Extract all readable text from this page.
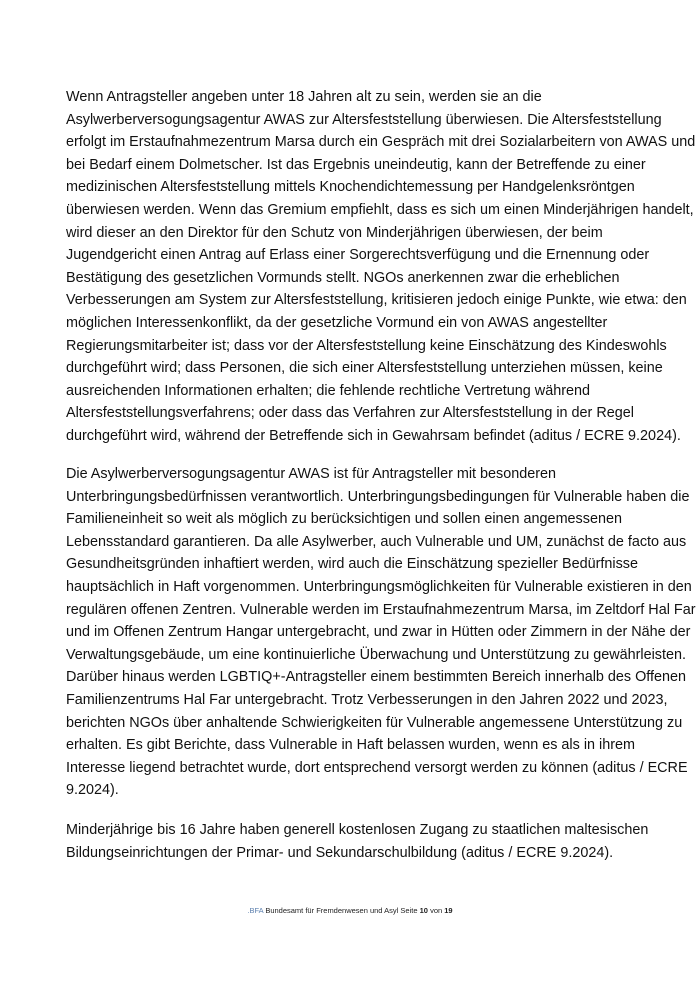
Wenn Antragsteller angeben unter 18 Jahren alt zu sein, werden sie an die
Asylwerberversogungsagentur AWAS zur Altersfeststellung überwiesen. Die Altersfeststellung
erfolgt im Erstaufnahmezentrum Marsa durch ein Gespräch mit drei Sozialarbeitern von AWAS und
bei Bedarf einem Dolmetscher. Ist das Ergebnis uneindeutig, kann der Betreffende zu einer
medizinischen Altersfeststellung mittels Knochendichtemessung per Handgelenksröntgen
überwiesen werden. Wenn das Gremium empfiehlt, dass es sich um einen Minderjährigen handelt,
wird dieser an den Direktor für den Schutz von Minderjährigen überwiesen, der beim
Jugendgericht einen Antrag auf Erlass einer Sorgerechtsverfügung und die Ernennung oder
Bestätigung des gesetzlichen Vormunds stellt. NGOs anerkennen zwar die erheblichen
Verbesserungen am System zur Altersfeststellung, kritisieren jedoch einige Punkte, wie etwa: den
möglichen Interessenkonflikt, da der gesetzliche Vormund ein von AWAS angestellter
Regierungsmitarbeiter ist; dass vor der Altersfeststellung keine Einschätzung des Kindeswohls
durchgeführt wird; dass Personen, die sich einer Altersfeststellung unterziehen müssen, keine
ausreichenden Informationen erhalten; die fehlende rechtliche Vertretung während
Altersfeststellungsverfahrens; oder dass das Verfahren zur Altersfeststellung in der Regel
durchgeführt wird, während der Betreffende sich in Gewahrsam befindet (aditus / ECRE 9.2024).
Die Asylwerberversogungsagentur AWAS ist für Antragsteller mit besonderen
Unterbringungsbedürfnissen verantwortlich. Unterbringungsbedingungen für Vulnerable haben die
Familieneinheit so weit als möglich zu berücksichtigen und sollen einen angemessenen
Lebensstandard garantieren. Da alle Asylwerber, auch Vulnerable und UM, zunächst de facto aus
Gesundheitsgründen inhaftiert werden, wird auch die Einschätzung spezieller Bedürfnisse
hauptsächlich in Haft vorgenommen. Unterbringungsmöglichkeiten für Vulnerable existieren in den
regulären offenen Zentren. Vulnerable werden im Erstaufnahmezentrum Marsa, im Zeltdorf Hal Far
und im Offenen Zentrum Hangar untergebracht, und zwar in Hütten oder Zimmern in der Nähe der
Verwaltungsgebäude, um eine kontinuierliche Überwachung und Unterstützung zu gewährleisten.
Darüber hinaus werden LGBTIQ+-Antragsteller einem bestimmten Bereich innerhalb des Offenen
Familienzentrums Hal Far untergebracht. Trotz Verbesserungen in den Jahren 2022 und 2023,
berichten NGOs über anhaltende Schwierigkeiten für Vulnerable angemessene Unterstützung zu
erhalten. Es gibt Berichte, dass Vulnerable in Haft belassen wurden, wenn es als in ihrem
Interesse liegend betrachtet wurde, dort entsprechend versorgt werden zu können (aditus / ECRE
9.2024).
Minderjährige bis 16 Jahre haben generell kostenlosen Zugang zu staatlichen maltesischen
Bildungseinrichtungen der Primar- und Sekundarschulbildung (aditus / ECRE 9.2024).
.BFA Bundesamt für Fremdenwesen und Asyl Seite 10 von 19
